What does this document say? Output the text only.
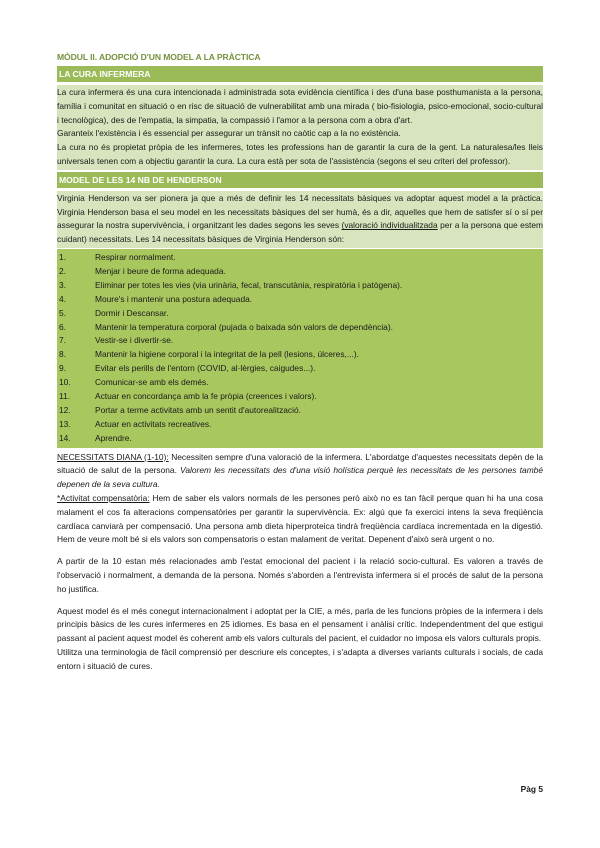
MÒDUL II. ADOPCIÓ D'UN MODEL A LA PRÀCTICA
LA CURA INFERMERA

La cura infermera és una cura intencionada i administrada sota evidència científica i des d'una base posthumanista a la persona, família i comunitat en situació o en risc de situació de vulnerabilitat amb una mirada ( bio-fisiologia, psico-emocional, socio-cultural i tecnològica), des de l'empatia, la simpatia, la compassió i l'amor a la persona com a obra d'art.

Garanteix l'existència i és essencial per assegurar un trànsit no caòtic cap a la no existència.

La cura no és propietat pròpia de les infermeres, totes les professions han de garantir la cura de la gent. La naturalesa/les lleis universals tenen com a objectiu garantir la cura. La cura està per sota de l'assistència (segons el seu criteri del professor).

MODEL DE LES 14 NB DE HENDERSON

Virginia Henderson va ser pionera ja que a més de definir les 14 necessitats bàsiques va adoptar aquest model a la pràctica. Virginia Henderson basa el seu model en les necessitats bàsiques del ser humà, és a dir, aquelles que hem de satisfer sí o sí per assegurar la nostra supervivència, i organitzant les dades segons les seves (valoració individualitzada per a la persona que estem cuidant) necessitats. Les 14 necessitats bàsiques de Virginia Henderson són:

1.	Respirar normalment.
2.	Menjar i beure de forma adequada.
3.	Eliminar per totes les vies (via urinària, fecal, transcutània, respiratòria i patògena).
4.	Moure's i mantenir una postura adequada.
5.	Dormir i Descansar.
6.	Mantenir la temperatura corporal (pujada o baixada són valors de dependència).
7.	Vestir-se i divertir-se.
8.	Mantenir la higiene corporal i la integritat de la pell (lesions, úlceres,...).
9.	Evitar els perills de l'entorn (COVID, al·lèrgies, caigudes...).
10.	Comunicar-se amb els demés.
11.	Actuar en concordança amb la fe pròpia (creences i valors).
12.	Portar a terme activitats amb un sentit d'autorealització.
13.	Actuar en activitats recreatives.
14.	Aprendre.

NECESSITATS DIANA (1-10): Necessiten sempre d'una valoració de la infermera. L'abordatge d'aquestes necessitats depèn de la situació de salut de la persona. Valorem les necessitats des d'una visió holística perquè les necessitats de les persones també depenen de la seva cultura.

*Activitat compensatòria: Hem de saber els valors normals de les persones però això no es tan fàcil perque quan hi ha una cosa malament el cos fa alteracions compensatòries per garantir la supervivència. Ex: algú que fa exercici intens la seva freqüència cardíaca canviarà per compensació. Una persona amb dieta hiperproteica tindrà freqüència cardíaca incrementada en la digestió. Hem de veure molt bé si els valors son compensatoris o estan malament de veritat. Depenent d'això serà urgent o no.

A partir de la 10 estan més relacionades amb l'estat emocional del pacient i la relació socio-cultural. Es valoren a través de l'observació i normalment, a demanda de la persona. Només s'aborden a l'entrevista infermera si el procés de salut de la persona ho justifica.

Aquest model és el més conegut internacionalment i adoptat per la CIE, a més, parla de les funcions pròpies de la infermera i dels principis bàsics de les cures infermeres en 25 idiomes. Es basa en el pensament i anàlisi crític. Independentment del que estigui passant al pacient aquest model és coherent amb els valors culturals del pacient, el cuidador no imposa els valors culturals propis.

Utilitza una terminologia de fàcil comprensió per descriure els conceptes, i s'adapta a diverses variants culturals i socials, de cada entorn i situació de cures.

Pàg 5
